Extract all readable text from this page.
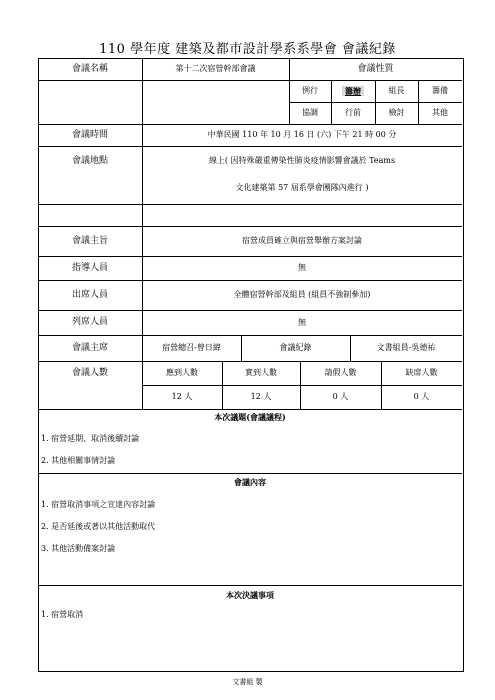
110 學年度 建築及都市設計學系系學會 會議紀錄
會議名稱	第十二次宿營幹部會議	會議性質
例行	籌辦	組長	籌備
協調	行前	檢討	其他
會議時間	中華民國 110 年 10 月 16 日 (六) 下午 21 時 00 分
會議地點	線上( 因特殊嚴重傳染性肺炎疫情影響會議於 Teams
文化建築第 57 屆系學會團隊內進行 )
會議主旨	宿營成員確立與宿營舉辦方案討論
指導人員	無
出席人員	全體宿營幹部及組員 (組員不強制參加)
列席人員	無
會議主席	宿營總召-曾日緯	會議紀錄	文書組員-吳德祐
會議人數	應到人數	實到人數	請假人數	缺席人數
12 人	12 人	0 人	0 人
本次議題(會議議程)
1. 宿營延期、取消後續討論
2. 其他相關事情討論
會議內容
1. 宿營取消事項之宣達內容討論
2. 是否延後或著以其他活動取代
3. 其他活動備案討論
本次決議事項
1. 宿營取消
文書組 製
